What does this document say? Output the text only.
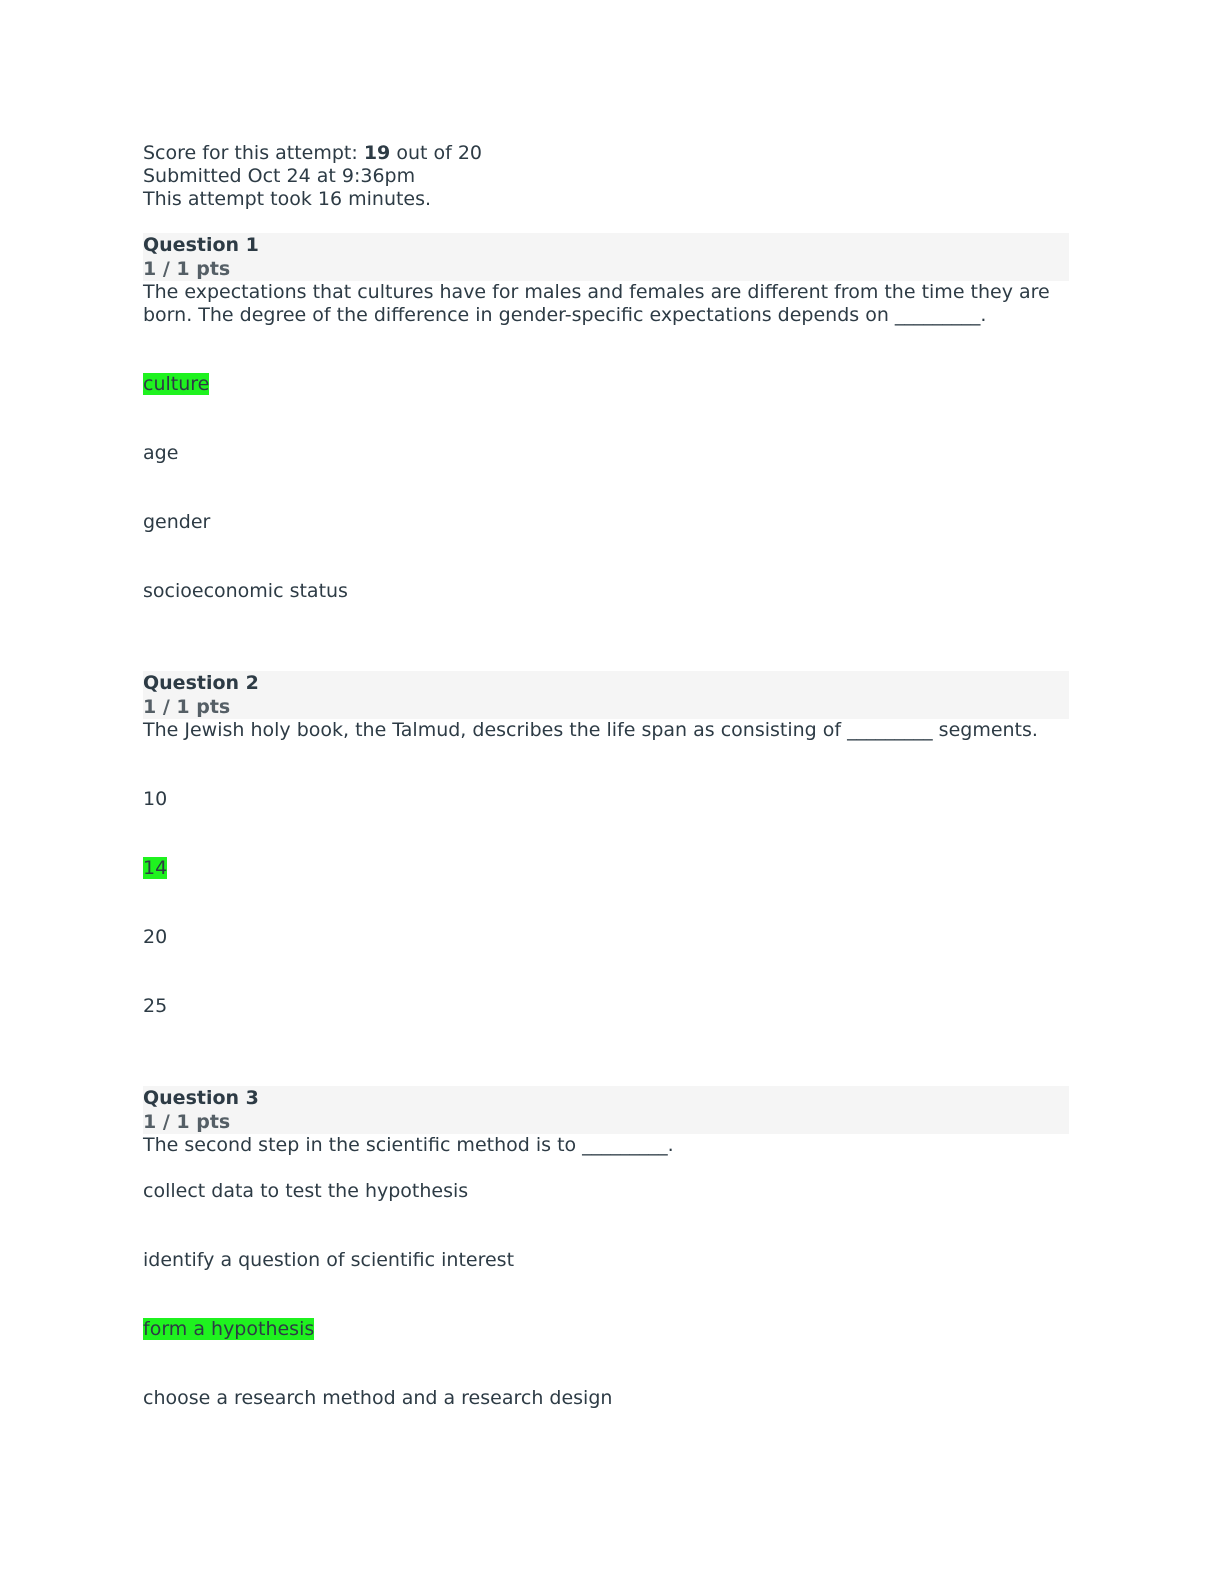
Score for this attempt: 19 out of 20
Submitted Oct 24 at 9:36pm
This attempt took 16 minutes.
Question 1
1 / 1 pts
The expectations that cultures have for males and females are different from the time they are born. The degree of the difference in gender-specific expectations depends on _________.
culture
age
gender
socioeconomic status
Question 2
1 / 1 pts
The Jewish holy book, the Talmud, describes the life span as consisting of _________ segments.
10
14
20
25
Question 3
1 / 1 pts
The second step in the scientific method is to _________.
collect data to test the hypothesis
identify a question of scientific interest
form a hypothesis
choose a research method and a research design
